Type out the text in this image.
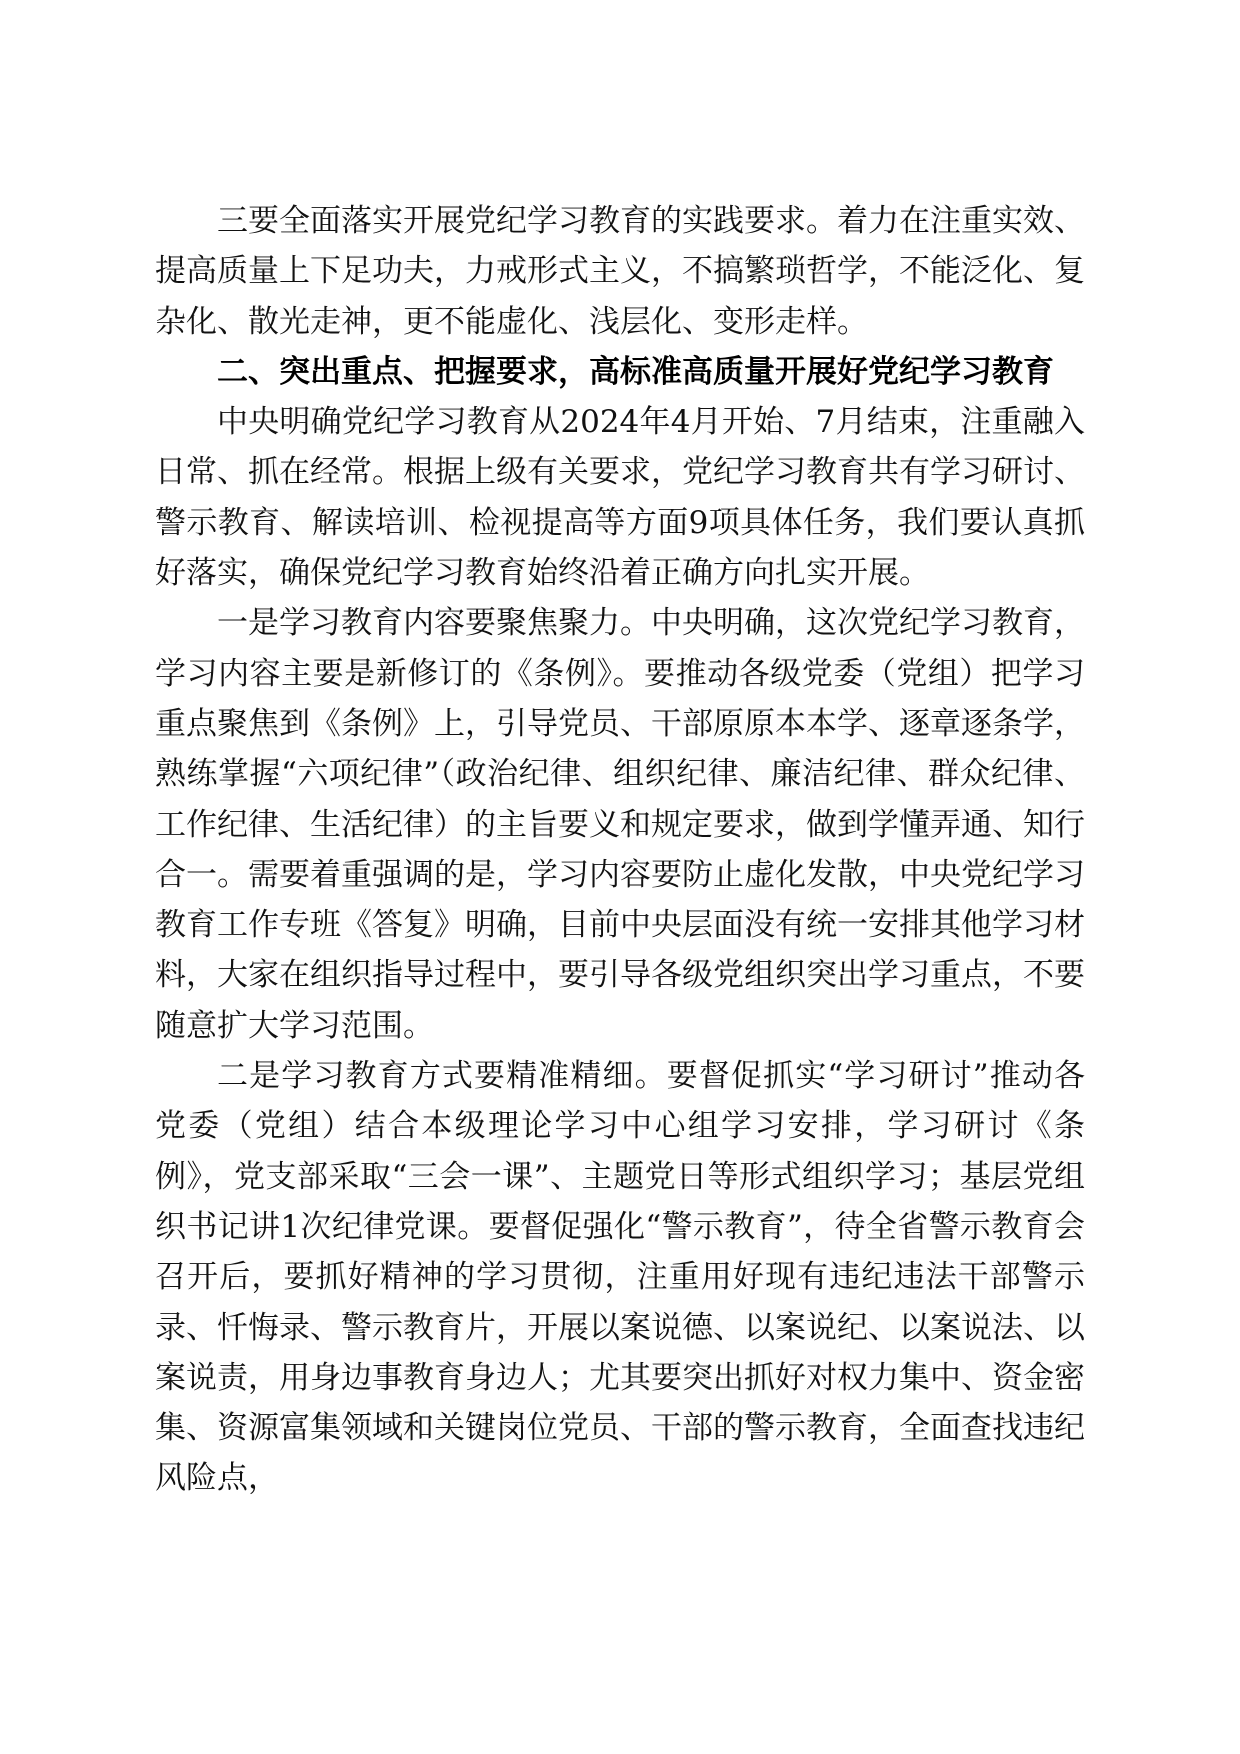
三要全面落实开展党纪学习教育的实践要求。着力在注重实效、提高质量上下足功夫，力戒形式主义，不搞繁琐哲学，不能泛化、复杂化、散光走神，更不能虚化、浅层化、变形走样。

二、突出重点、把握要求，高标准高质量开展好党纪学习教育

中央明确党纪学习教育从2024年4月开始、7月结束，注重融入日常、抓在经常。根据上级有关要求，党纪学习教育共有学习研讨、警示教育、解读培训、检视提高等方面9项具体任务，我们要认真抓好落实，确保党纪学习教育始终沿着正确方向扎实开展。

一是学习教育内容要聚焦聚力。中央明确，这次党纪学习教育，学习内容主要是新修订的《条例》。要推动各级党委（党组）把学习重点聚焦到《条例》上，引导党员、干部原原本本学、逐章逐条学，熟练掌握“六项纪律”（政治纪律、组织纪律、廉洁纪律、群众纪律、工作纪律、生活纪律）的主旨要义和规定要求，做到学懂弄通、知行合一。需要着重强调的是，学习内容要防止虚化发散，中央党纪学习教育工作专班《答复》明确，目前中央层面没有统一安排其他学习材料，大家在组织指导过程中，要引导各级党组织突出学习重点，不要随意扩大学习范围。

二是学习教育方式要精准精细。要督促抓实“学习研讨”推动各党委（党组）结合本级理论学习中心组学习安排，学习研讨《条例》，党支部采取“三会一课”、主题党日等形式组织学习；基层党组织书记讲1次纪律党课。要督促强化“警示教育”，待全省警示教育会召开后，要抓好精神的学习贯彻，注重用好现有违纪违法干部警示录、忏悔录、警示教育片，开展以案说德、以案说纪、以案说法、以案说责，用身边事教育身边人；尤其要突出抓好对权力集中、资金密集、资源富集领域和关键岗位党员、干部的警示教育，全面查找违纪风险点，
